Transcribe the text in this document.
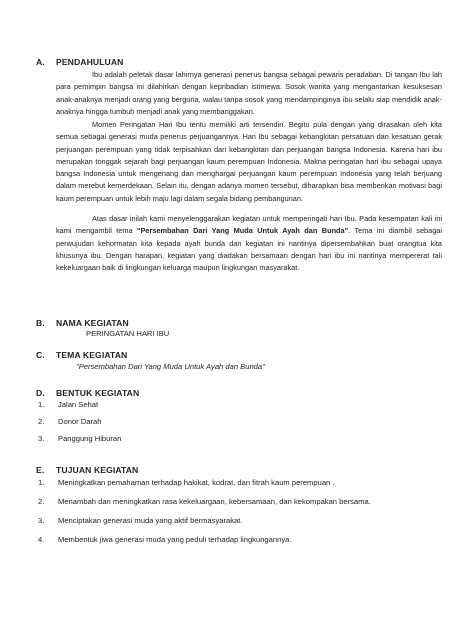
A. PENDAHULUAN
Ibu adalah peletak dasar lahirnya generasi penerus bangsa sebagai pewaris peradaban. Di tangan Ibu lah para pemimpin bangsa ini dilahirkan dengan kepribadian istimewa. Sosok wanita yang mengantarkan kesuksesan anak-anaknya menjadi orang yang berguna, walau tanpa sosok yang mendampinginya ibu selalu siap mendidik anak-anaknya hingga tumbuh menjadi anak yang membanggakan.
Momen Peringatan Hari Ibu tentu memiliki arti tersendiri. Begitu pula dengan yang dirasakan oleh kita semua sebagai generasi muda penerus perjuangannya. Hari Ibu sebagai kebangkitan persatuan dan kesatuan gerak perjuangan perempuan yang tidak terpisahkan dari kebangkitan dan perjuangan bangsa Indonesia. Karena hari ibu merupakan tonggak sejarah bagi perjuangan kaum perempuan Indonesia. Makna peringatan hari ibu sebagai upaya bangsa Indonesia untuk mengenang dan menghargai perjuangan kaum perempuan Indonesia yang telah berjuang dalam merebut kemerdekaan. Selain itu, dengan adanya momen tersebut, diharapkan bisa memberikan motivasi bagi kaum perempuan untuk lebih maju lagi dalam segala bidang pembangunan.
Atas dasar inilah kami menyelenggarakan kegiatan untuk memperingati hari Ibu. Pada kesempatan kali ini kami mengambil tema "Persembahan Dari Yang Muda Untuk Ayah dan Bunda". Tema ini diambil sebagai perwujudan kehormatan kita kepada ayah bunda dan kegiatan ini nantinya dipersembahkan buat orangtua kita khusunya ibu. Dengan harapan, kegiatan yang diadakan bersamaan dengan hari ibu ini nantinya mempererat tali kekeluargaan baik di lingkungan keluarga maupun lingkungan masyarakat.
B. NAMA KEGIATAN
PERINGATAN HARI IBU
C. TEMA KEGIATAN
"Persembahan Dari Yang Muda Untuk Ayah dan Bunda"
D. BENTUK KEGIATAN
1. Jalan Sehat
2. Donor Darah
3. Panggung Hiburan
E. TUJUAN KEGIATAN
1. Meningkatkan pemahaman terhadap hakikat, kodrat, dan fitrah kaum perempuan .
2. Menambah dan meningkatkan rasa kekeluargaan, kebersamaan, dan kekompakan bersama.
3. Menciptakan generasi muda yang aktif bermasyarakat.
4. Membentuk jiwa generasi muda yang peduli terhadap lingkungannya.
